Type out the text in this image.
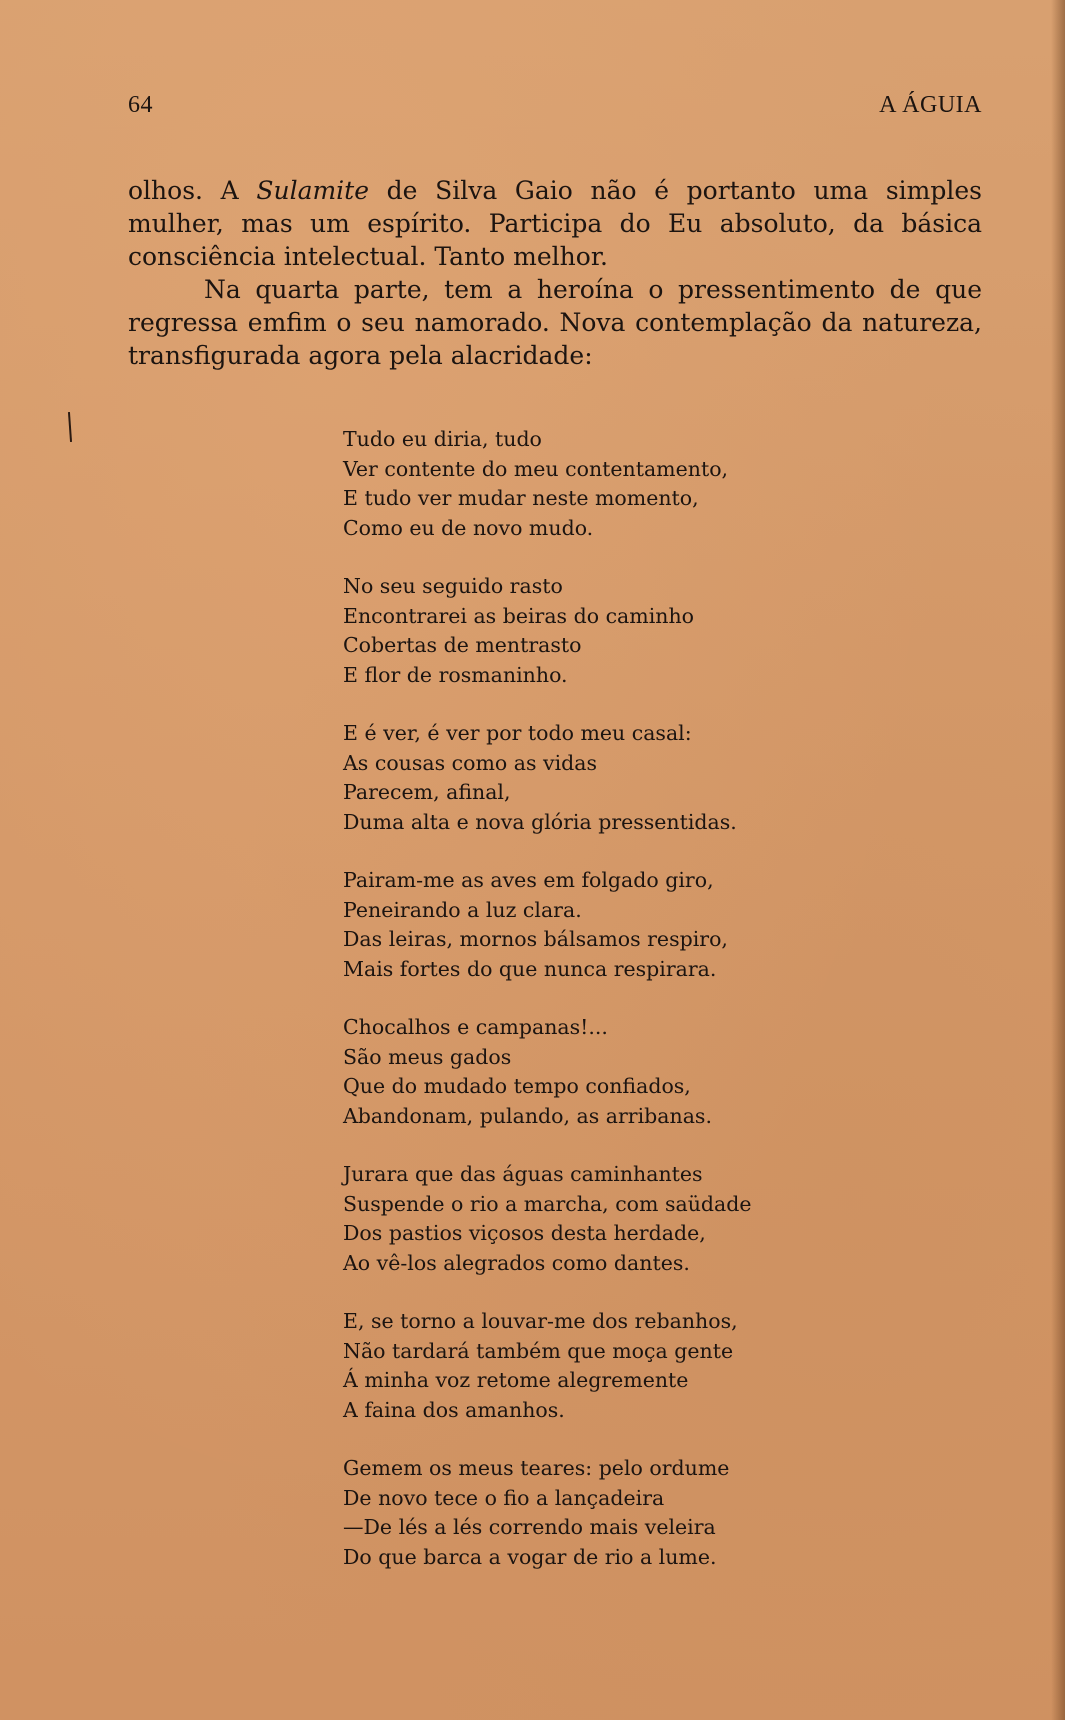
64	A ÁGUIA

olhos. A Sulamite de Silva Gaio não é portanto uma simples mulher, mas um espírito. Participa do Eu absoluto, da básica consciência intelectual. Tanto melhor.

Na quarta parte, tem a heroína o pressentimento de que regressa emfim o seu namorado. Nova contemplação da natureza, transfigurada agora pela alacridade:

Tudo eu diria, tudo
Ver contente do meu contentamento,
E tudo ver mudar neste momento,
Como eu de novo mudo.
No seu seguido rasto
Encontrarei as beiras do caminho
Cobertas de mentrasto
E flor de rosmaninho.
E é ver, é ver por todo meu casal:
As cousas como as vidas
Parecem, afinal,
Duma alta e nova glória pressentidas.
Pairam-me as aves em folgado giro,
Peneirando a luz clara.
Das leiras, mornos bálsamos respiro,
Mais fortes do que nunca respirara.
Chocalhos e campanas!...
São meus gados
Que do mudado tempo confiados,
Abandonam, pulando, as arribanas.
Jurara que das águas caminhantes
Suspende o rio a marcha, com saüdade
Dos pastios viçosos desta herdade,
Ao vê-los alegrados como dantes.
E, se torno a louvar-me dos rebanhos,
Não tardará também que moça gente
Á minha voz retome alegremente
A faina dos amanhos.
Gemem os meus teares: pelo ordume
De novo tece o fio a lançadeira
—De lés a lés correndo mais veleira
Do que barca a vogar de rio a lume.
